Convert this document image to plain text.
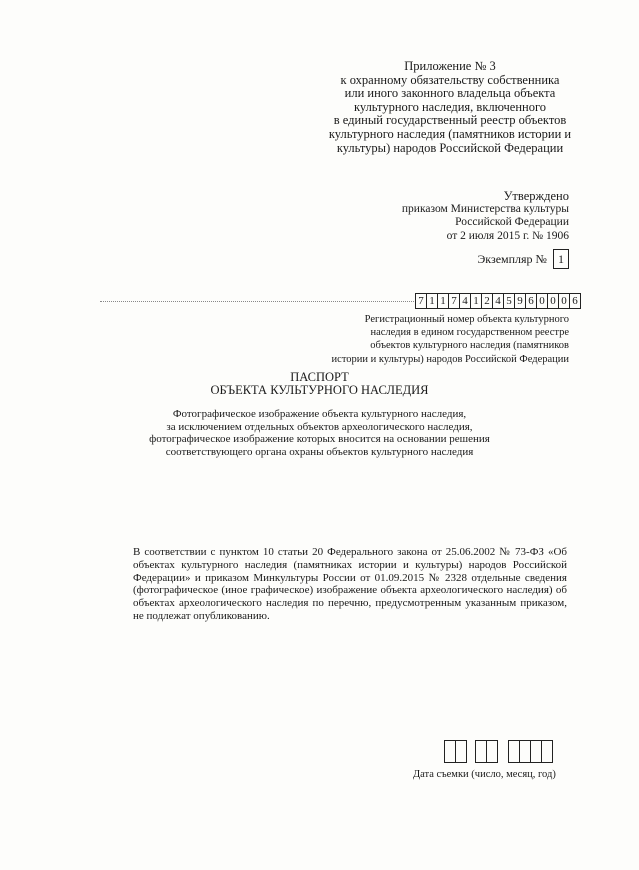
Приложение № 3
к охранному обязательству собственника
или иного законного владельца объекта
культурного наследия, включенного
в единый государственный реестр объектов
культурного наследия (памятников истории и
культуры) народов Российской Федерации
Утверждено
приказом Министерства культуры
Российской Федерации
от 2 июля 2015 г. № 1906
Экземпляр № 1
7 1 1 7 4 1 2 4 5 9 6 0 0 0 6
Регистрационный номер объекта культурного
наследия в едином государственном реестре
объектов культурного наследия (памятников
истории и культуры) народов Российской Федерации
ПАСПОРТ
ОБЪЕКТА КУЛЬТУРНОГО НАСЛЕДИЯ
Фотографическое изображение объекта культурного наследия,
за исключением отдельных объектов археологического наследия,
фотографическое изображение которых вносится на основании решения
соответствующего органа охраны объектов культурного наследия
В соответствии с пунктом 10 статьи 20 Федерального закона от 25.06.2002 № 73-ФЗ «Об объектах культурного наследия (памятниках истории и культуры) народов Российской Федерации» и приказом Минкультуры России от 01.09.2015 № 2328 отдельные сведения (фотографическое (иное графическое) изображение объекта археологического наследия) об объектах археологического наследия по перечню, предусмотренным указанным приказом, не подлежат опубликованию.
Дата съемки (число, месяц, год)
